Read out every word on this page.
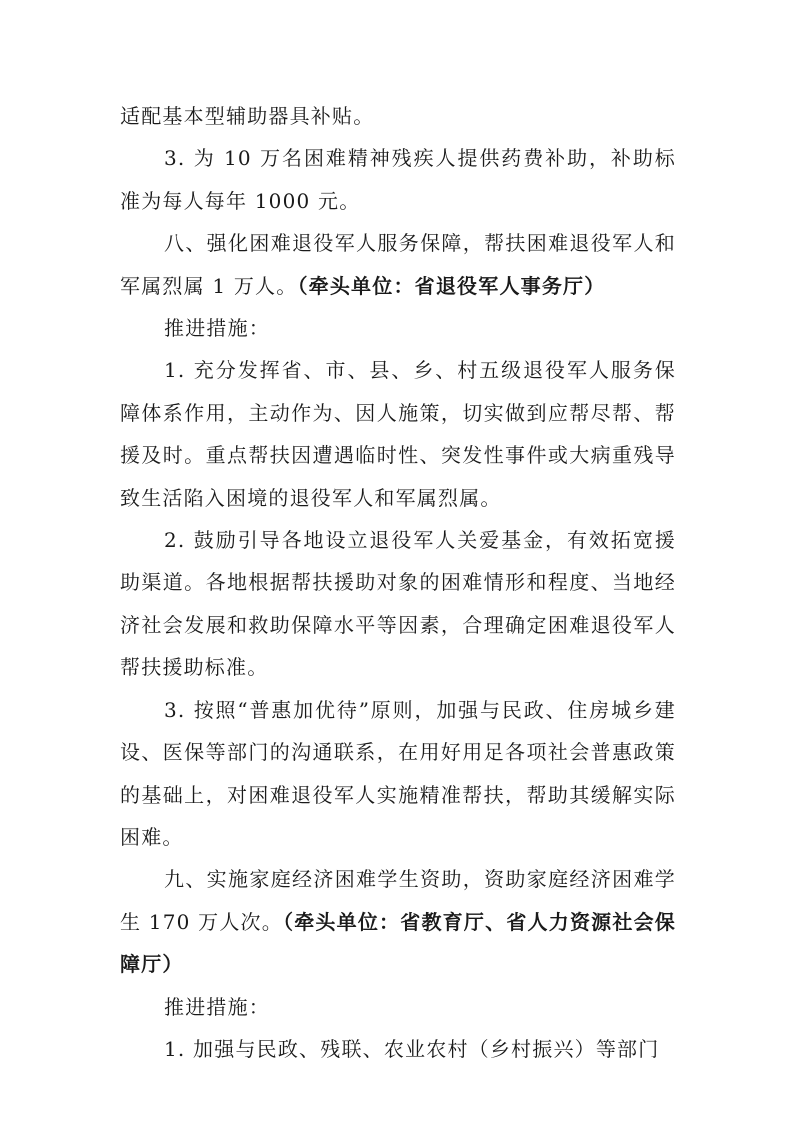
适配基本型辅助器具补贴。

3. 为 10 万名困难精神残疾人提供药费补助，补助标准为每人每年 1000 元。

八、强化困难退役军人服务保障，帮扶困难退役军人和军属烈属 1 万人。（牵头单位：省退役军人事务厅）

推进措施：

1. 充分发挥省、市、县、乡、村五级退役军人服务保障体系作用，主动作为、因人施策，切实做到应帮尽帮、帮援及时。重点帮扶因遭遇临时性、突发性事件或大病重残导致生活陷入困境的退役军人和军属烈属。

2. 鼓励引导各地设立退役军人关爱基金，有效拓宽援助渠道。各地根据帮扶援助对象的困难情形和程度、当地经济社会发展和救助保障水平等因素，合理确定困难退役军人帮扶援助标准。

3. 按照“普惠加优待”原则，加强与民政、住房城乡建设、医保等部门的沟通联系，在用好用足各项社会普惠政策的基础上，对困难退役军人实施精准帮扶，帮助其缓解实际困难。

九、实施家庭经济困难学生资助，资助家庭经济困难学生 170 万人次。（牵头单位：省教育厅、省人力资源社会保障厅）

推进措施：

1. 加强与民政、残联、农业农村（乡村振兴）等部门
